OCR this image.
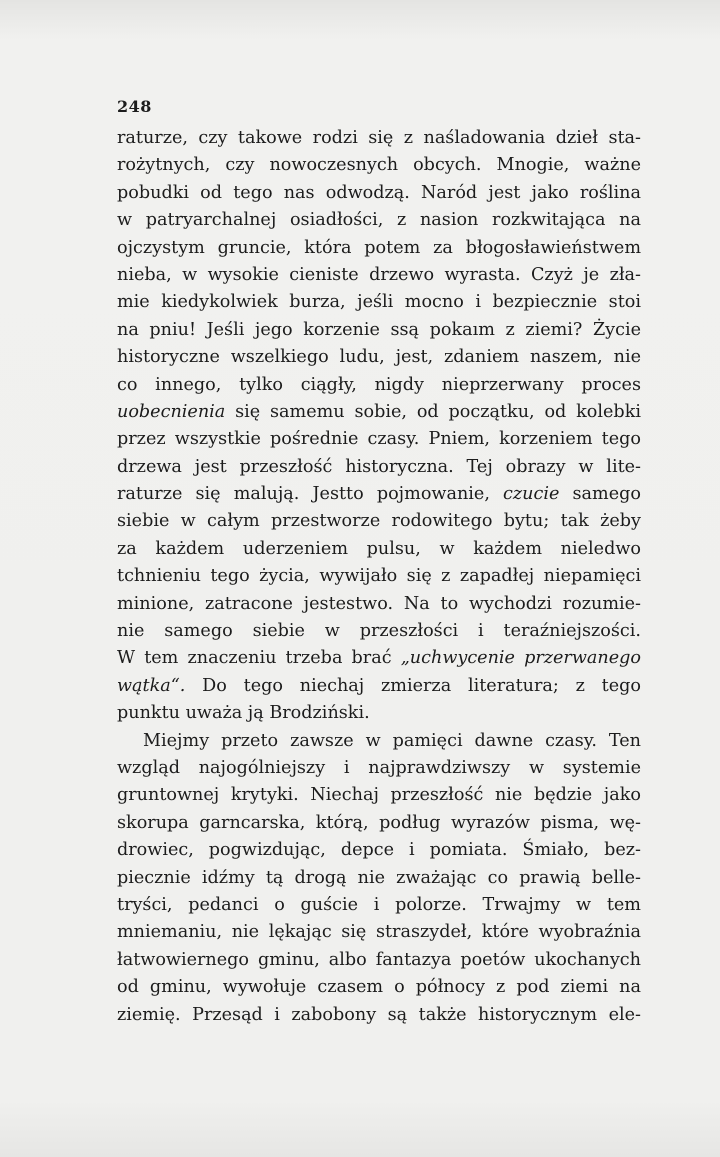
248
raturze, czy takowe rodzi się z naśladowania dzieł sta-
rożytnych, czy nowoczesnych obcych. Mnogie, ważne
pobudki od tego nas odwodzą. Naród jest jako roślina
w patryarchalnej osiadłości, z nasion rozkwitająca na
ojczystym gruncie, która potem za błogosławieństwem
nieba, w wysokie cieniste drzewo wyrasta. Czyż je zła-
mie kiedykolwiek burza, jeśli mocno i bezpiecznie stoi
na pniu! Jeśli jego korzenie ssą pokaım z ziemi? Życie
historyczne wszelkiego ludu, jest, zdaniem naszem, nie
co innego, tylko ciągły, nigdy nieprzerwany proces
uobecnienia się samemu sobie, od początku, od kolebki
przez wszystkie pośrednie czasy. Pniem, korzeniem tego
drzewa jest przeszłość historyczna. Tej obrazy w lite-
raturze się malują. Jestto pojmowanie, czucie samego
siebie w całym przestworze rodowitego bytu; tak żeby
za każdem uderzeniem pulsu, w każdem nieledwo
tchnieniu tego życia, wywijało się z zapadłej niepamięci
minione, zatracone jestestwo. Na to wychodzi rozumie-
nie samego siebie w przeszłości i teraźniejszości.
W tem znaczeniu trzeba brać „uchwycenie przerwanego
wątka“. Do tego niechaj zmierza literatura; z tego
punktu uważa ją Brodziński.
Miejmy przeto zawsze w pamięci dawne czasy. Ten
wzgląd najogólniejszy i najprawdziwszy w systemie
gruntownej krytyki. Niechaj przeszłość nie będzie jako
skorupa garncarska, którą, podług wyrazów pisma, wę-
drowiec, pogwizdując, depce i pomiata. Śmiało, bez-
piecznie idźmy tą drogą nie zważając co prawią belle-
tryści, pedanci o guście i polorze. Trwajmy w tem
mniemaniu, nie lękając się straszydeł, które wyobraźnia
łatwowiernego gminu, albo fantazya poetów ukochanych
od gminu, wywołuje czasem o północy z pod ziemi na
ziemię. Przesąd i zabobony są także historycznym ele-
